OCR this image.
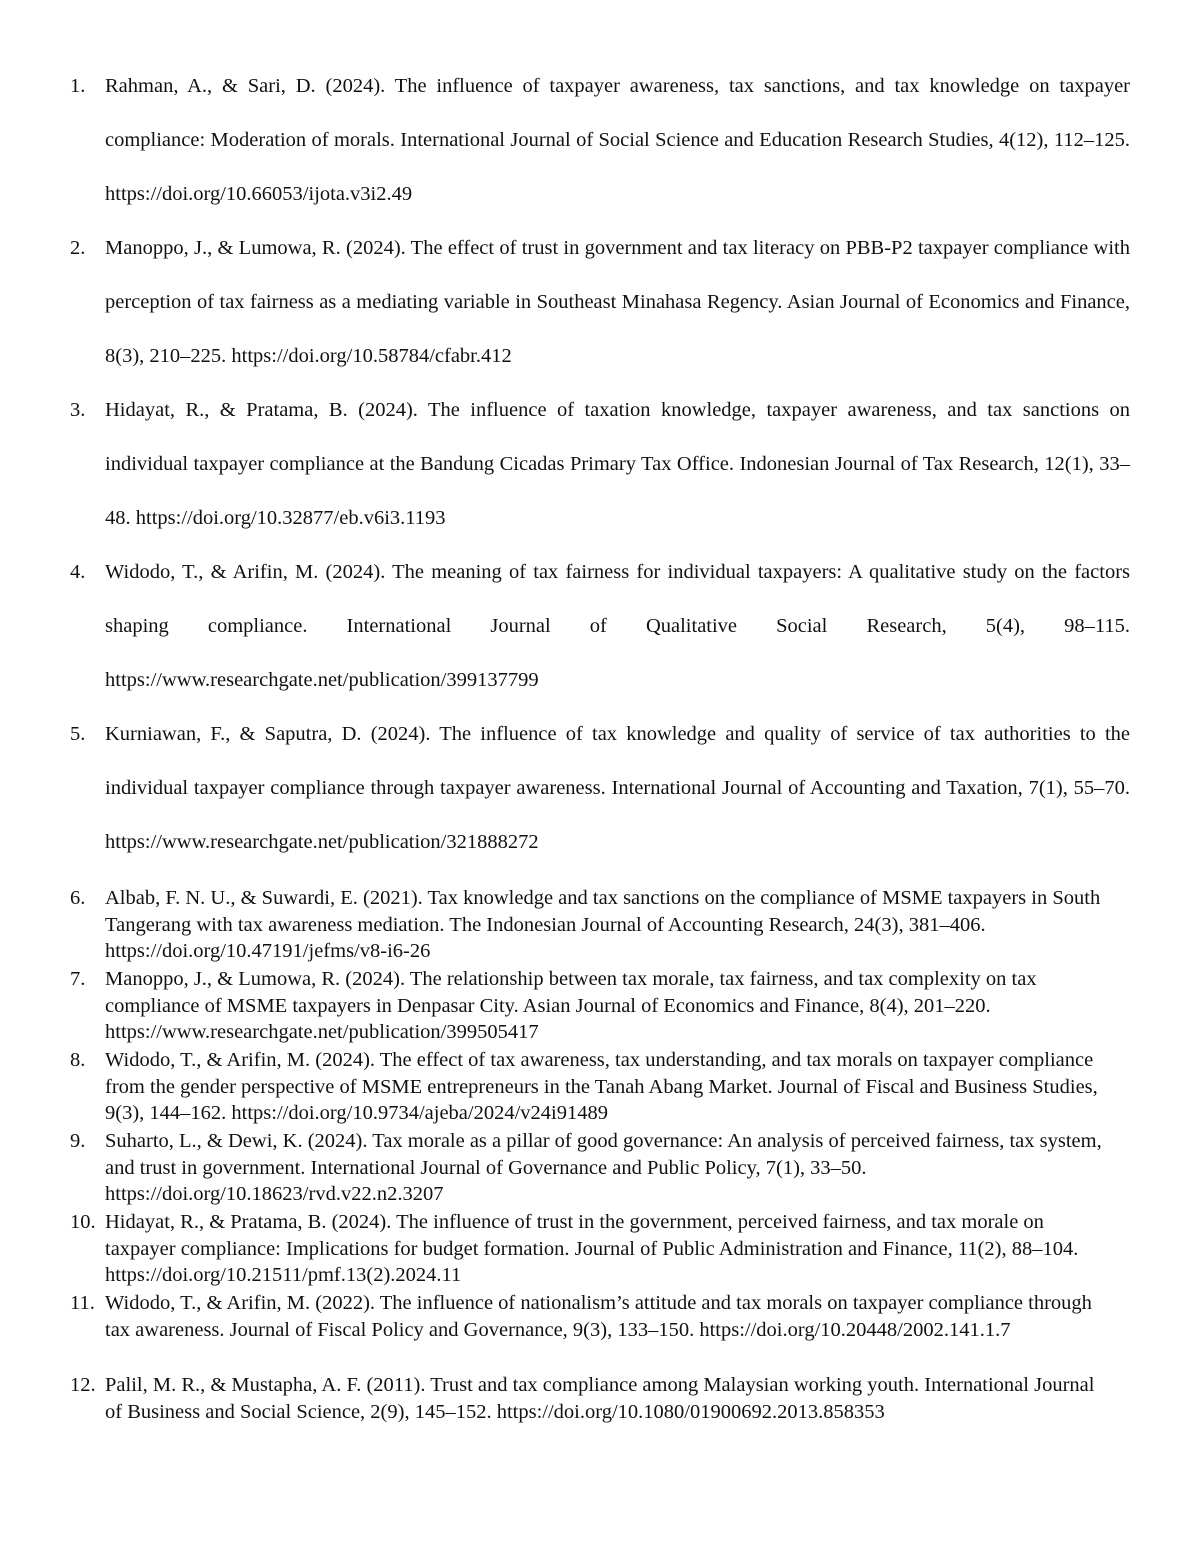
1. Rahman, A., & Sari, D. (2024). The influence of taxpayer awareness, tax sanctions, and tax knowledge on taxpayer compliance: Moderation of morals. International Journal of Social Science and Education Research Studies, 4(12), 112–125. https://doi.org/10.66053/ijota.v3i2.49
2. Manoppo, J., & Lumowa, R. (2024). The effect of trust in government and tax literacy on PBB-P2 taxpayer compliance with perception of tax fairness as a mediating variable in Southeast Minahasa Regency. Asian Journal of Economics and Finance, 8(3), 210–225. https://doi.org/10.58784/cfabr.412
3. Hidayat, R., & Pratama, B. (2024). The influence of taxation knowledge, taxpayer awareness, and tax sanctions on individual taxpayer compliance at the Bandung Cicadas Primary Tax Office. Indonesian Journal of Tax Research, 12(1), 33–48. https://doi.org/10.32877/eb.v6i3.1193
4. Widodo, T., & Arifin, M. (2024). The meaning of tax fairness for individual taxpayers: A qualitative study on the factors shaping compliance. International Journal of Qualitative Social Research, 5(4), 98–115. https://www.researchgate.net/publication/399137799
5. Kurniawan, F., & Saputra, D. (2024). The influence of tax knowledge and quality of service of tax authorities to the individual taxpayer compliance through taxpayer awareness. International Journal of Accounting and Taxation, 7(1), 55–70. https://www.researchgate.net/publication/321888272
6. Albab, F. N. U., & Suwardi, E. (2021). Tax knowledge and tax sanctions on the compliance of MSME taxpayers in South Tangerang with tax awareness mediation. The Indonesian Journal of Accounting Research, 24(3), 381–406. https://doi.org/10.47191/jefms/v8-i6-26
7. Manoppo, J., & Lumowa, R. (2024). The relationship between tax morale, tax fairness, and tax complexity on tax compliance of MSME taxpayers in Denpasar City. Asian Journal of Economics and Finance, 8(4), 201–220. https://www.researchgate.net/publication/399505417
8. Widodo, T., & Arifin, M. (2024). The effect of tax awareness, tax understanding, and tax morals on taxpayer compliance from the gender perspective of MSME entrepreneurs in the Tanah Abang Market. Journal of Fiscal and Business Studies, 9(3), 144–162. https://doi.org/10.9734/ajeba/2024/v24i91489
9. Suharto, L., & Dewi, K. (2024). Tax morale as a pillar of good governance: An analysis of perceived fairness, tax system, and trust in government. International Journal of Governance and Public Policy, 7(1), 33–50. https://doi.org/10.18623/rvd.v22.n2.3207
10. Hidayat, R., & Pratama, B. (2024). The influence of trust in the government, perceived fairness, and tax morale on taxpayer compliance: Implications for budget formation. Journal of Public Administration and Finance, 11(2), 88–104. https://doi.org/10.21511/pmf.13(2).2024.11
11. Widodo, T., & Arifin, M. (2022). The influence of nationalism’s attitude and tax morals on taxpayer compliance through tax awareness. Journal of Fiscal Policy and Governance, 9(3), 133–150. https://doi.org/10.20448/2002.141.1.7
12. Palil, M. R., & Mustapha, A. F. (2011). Trust and tax compliance among Malaysian working youth. International Journal of Business and Social Science, 2(9), 145–152. https://doi.org/10.1080/01900692.2013.858353
